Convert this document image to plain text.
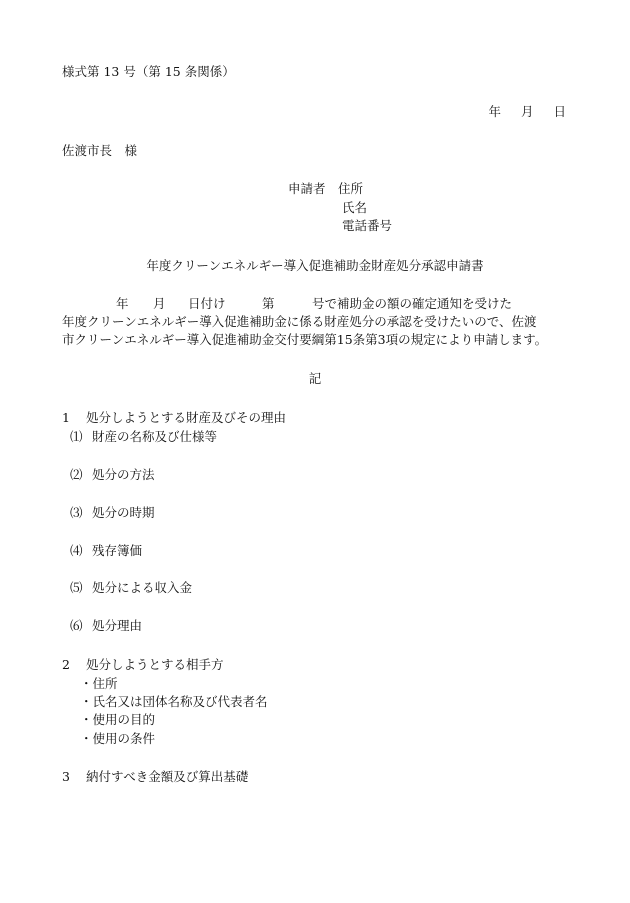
様式第 13 号（第 15 条関係）
年 月 日
佐渡市長　様
申請者　住所
氏名
電話番号
年度クリーンエネルギー導入促進補助金財産処分承認申請書
年 月 日付け	第	号で補助金の額の確定通知を受けた
年度クリーンエネルギー導入促進補助金に係る財産処分の承認を受けたいので、佐渡
市クリーンエネルギー導入促進補助金交付要綱第15条第3項の規定により申請します。
記
1 処分しようとする財産及びその理由
⑴ 財産の名称及び仕様等
⑵ 処分の方法
⑶ 処分の時期
⑷ 残存簿価
⑸ 処分による収入金
⑹ 処分理由
2 処分しようとする相手方
・住所
・氏名又は団体名称及び代表者名
・使用の目的
・使用の条件
3 納付すべき金額及び算出基礎
